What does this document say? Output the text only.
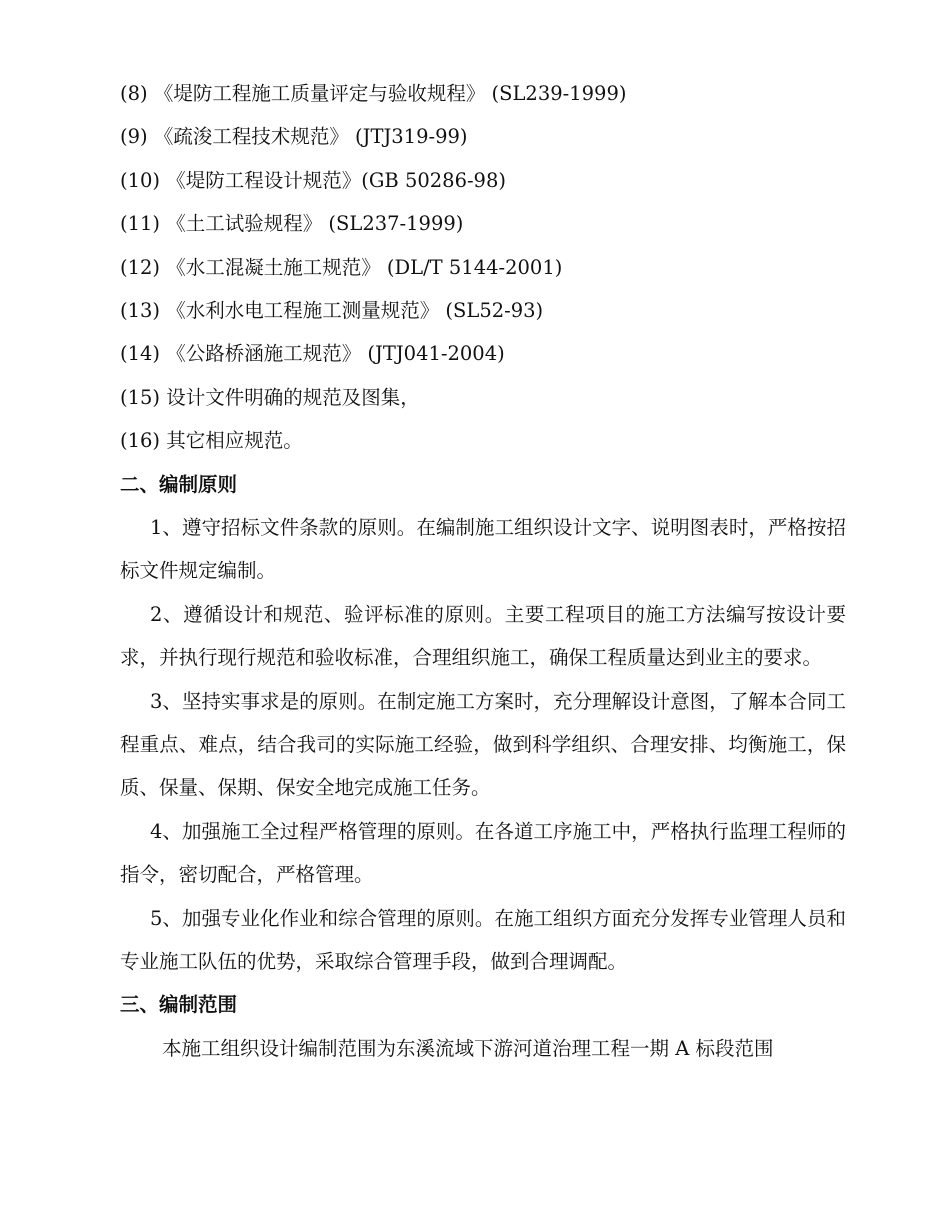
(8) 《堤防工程施工质量评定与验收规程》 (SL239-1999)
(9) 《疏浚工程技术规范》 (JTJ319-99)
(10) 《堤防工程设计规范》(GB 50286-98)
(11) 《土工试验规程》 (SL237-1999)
(12) 《水工混凝土施工规范》 (DL/T 5144-2001)
(13) 《水利水电工程施工测量规范》 (SL52-93)
(14) 《公路桥涵施工规范》 (JTJ041-2004)
(15) 设计文件明确的规范及图集，
(16) 其它相应规范。
二、编制原则

1、遵守招标文件条款的原则。在编制施工组织设计文字、说明图表时，严格按招标文件规定编制。

2、遵循设计和规范、验评标准的原则。主要工程项目的施工方法编写按设计要求，并执行现行规范和验收标准，合理组织施工，确保工程质量达到业主的要求。

3、坚持实事求是的原则。在制定施工方案时，充分理解设计意图，了解本合同工程重点、难点，结合我司的实际施工经验，做到科学组织、合理安排、均衡施工，保质、保量、保期、保安全地完成施工任务。

4、加强施工全过程严格管理的原则。在各道工序施工中，严格执行监理工程师的指令，密切配合，严格管理。

5、加强专业化作业和综合管理的原则。在施工组织方面充分发挥专业管理人员和专业施工队伍的优势，采取综合管理手段，做到合理调配。

三、编制范围

本施工组织设计编制范围为东溪流域下游河道治理工程一期 A 标段范围
